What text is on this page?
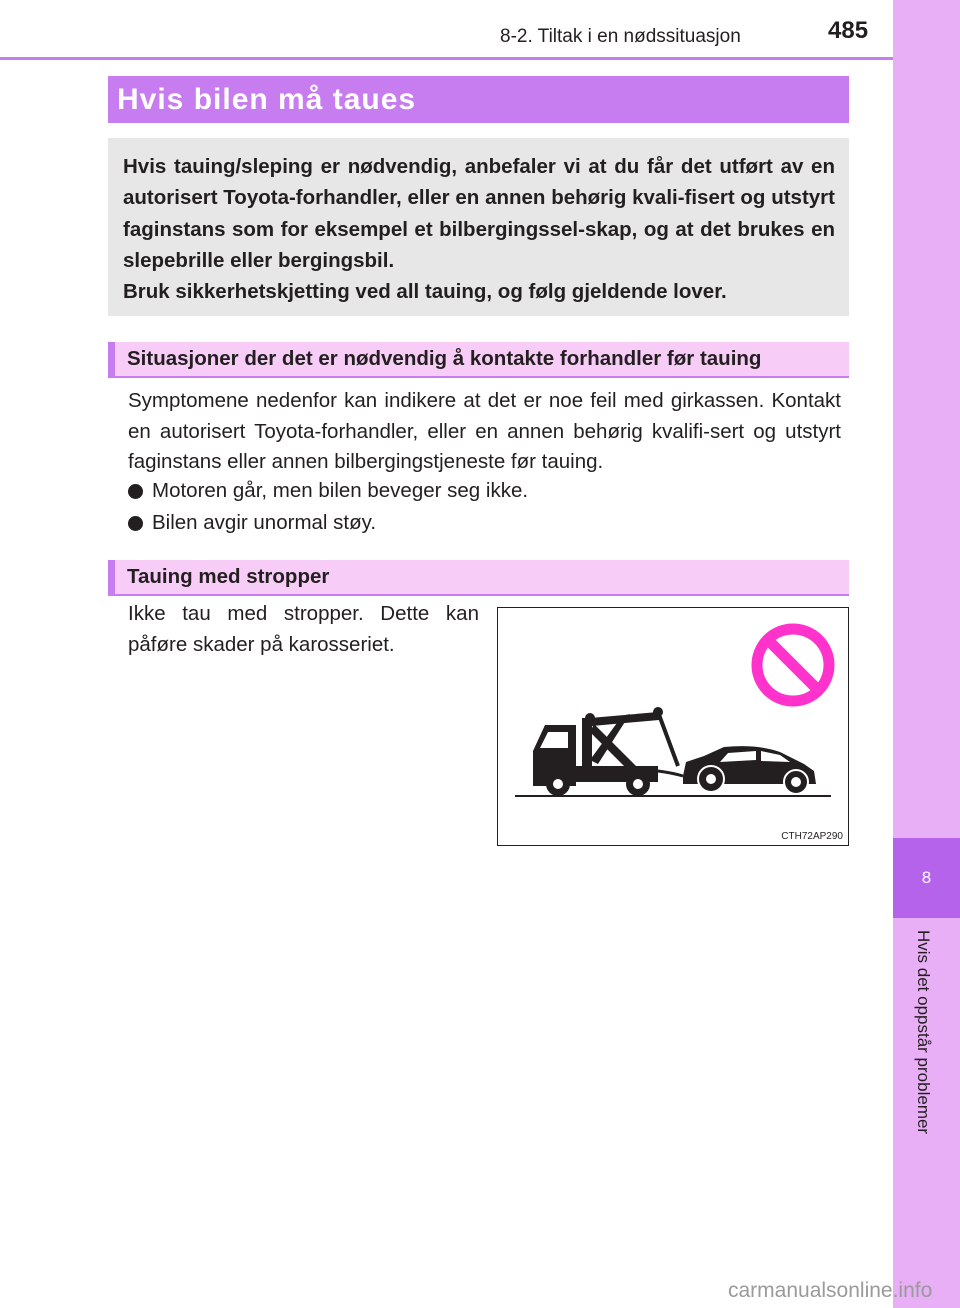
8
Hvis det oppstår problemer
8-2. Tiltak i en nødssituasjon	485
Hvis bilen må taues

Hvis tauing/sleping er nødvendig, anbefaler vi at du får det utført av en autorisert Toyota-forhandler, eller en annen behørig kvali-fisert og utstyrt faginstans som for eksempel et bilbergingssel-skap, og at det brukes en slepebrille eller bergingsbil.

Bruk sikkerhetskjetting ved all tauing, og følg gjeldende lover.

Situasjoner der det er nødvendig å kontakte forhandler før tauing

Symptomene nedenfor kan indikere at det er noe feil med girkassen. Kontakt en autorisert Toyota-forhandler, eller en annen behørig kvalifi-sert og utstyrt faginstans eller annen bilbergingstjeneste før tauing.

Motoren går, men bilen beveger seg ikke.
Bilen avgir unormal støy.
Tauing med stropper

Ikke tau med stropper. Dette kan påføre skader på karosseriet.

CTH72AP290
carmanualsonline.info
